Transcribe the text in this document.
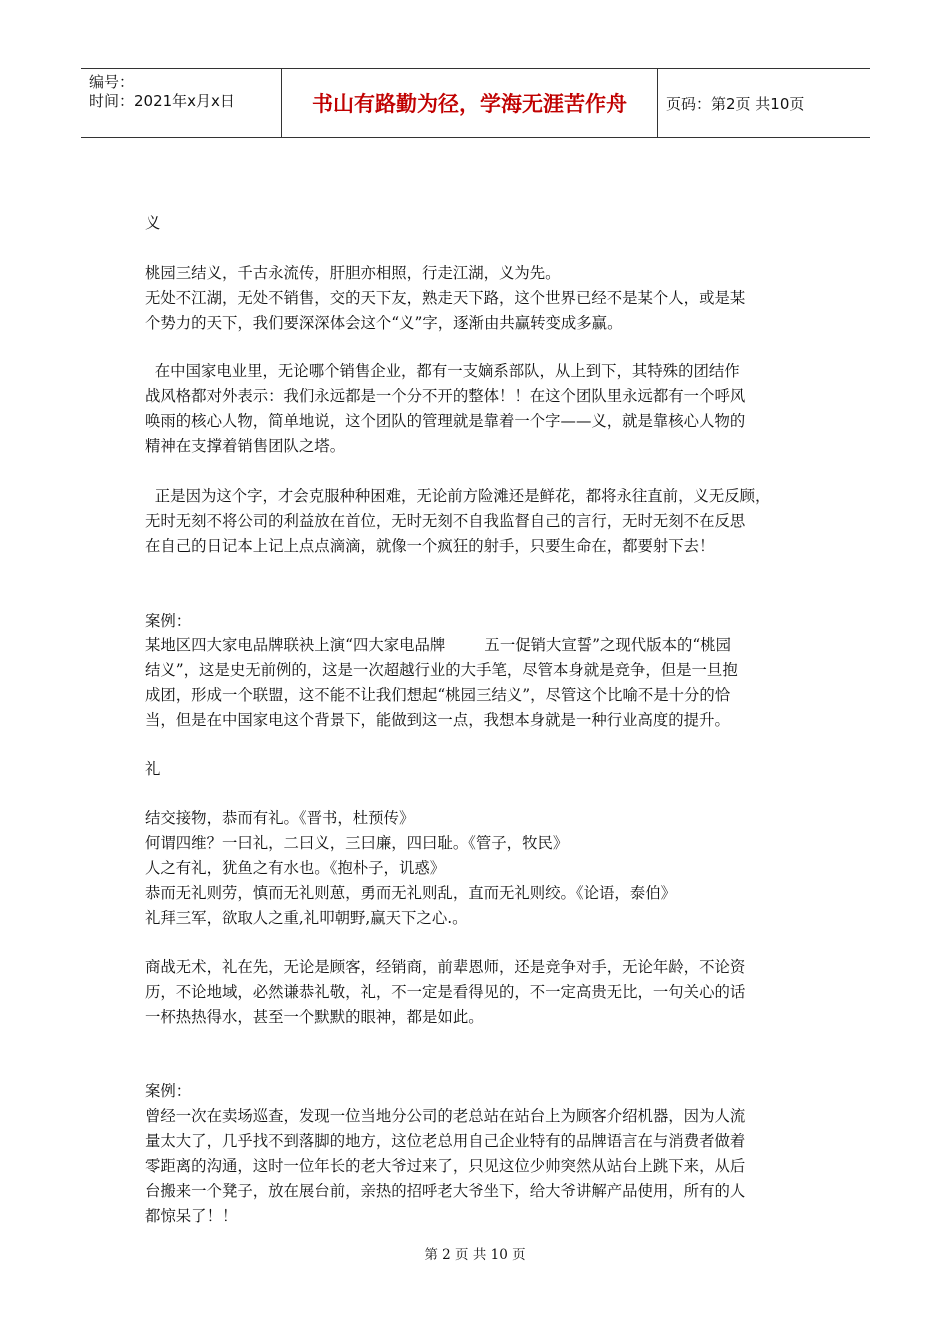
编号：
时间：2021年x月x日	书山有路勤为径，学海无涯苦作舟	页码：第2页 共10页
义
桃园三结义，千古永流传，肝胆亦相照，行走江湖，义为先。
无处不江湖，无处不销售，交的天下友，熟走天下路，这个世界已经不是某个人，或是某
个势力的天下，我们要深深体会这个“义”字，逐渐由共赢转变成多赢。
在中国家电业里，无论哪个销售企业，都有一支嫡系部队，从上到下，其特殊的团结作
战风格都对外表示：我们永远都是一个分不开的整体！！在这个团队里永远都有一个呼风
唤雨的核心人物，简单地说，这个团队的管理就是靠着一个字——义，就是靠核心人物的
精神在支撑着销售团队之塔。
正是因为这个字，才会克服种种困难，无论前方险滩还是鲜花，都将永往直前，义无反顾，
无时无刻不将公司的利益放在首位，无时无刻不自我监督自己的言行，无时无刻不在反思
在自己的日记本上记上点点滴滴，就像一个疯狂的射手，只要生命在，都要射下去！
案例：
某地区四大家电品牌联袂上演“四大家电品牌        五一促销大宣誓”之现代版本的“桃园
结义”，这是史无前例的，这是一次超越行业的大手笔，尽管本身就是竞争，但是一旦抱
成团，形成一个联盟，这不能不让我们想起“桃园三结义”，尽管这个比喻不是十分的恰
当，但是在中国家电这个背景下，能做到这一点，我想本身就是一种行业高度的提升。
礼
结交接物，恭而有礼。《晋书，杜预传》
何谓四维？一曰礼，二曰义，三曰廉，四曰耻。《管子，牧民》
人之有礼，犹鱼之有水也。《抱朴子，讥惑》
恭而无礼则劳，慎而无礼则葸，勇而无礼则乱，直而无礼则绞。《论语，泰伯》
礼拜三军，欲取人之重,礼叩朝野,赢天下之心.。
商战无术，礼在先，无论是顾客，经销商，前辈恩师，还是竞争对手，无论年龄，不论资
历，不论地域，必然谦恭礼敬，礼，不一定是看得见的，不一定高贵无比，一句关心的话
一杯热热得水，甚至一个默默的眼神，都是如此。
案例：
曾经一次在卖场巡查，发现一位当地分公司的老总站在站台上为顾客介绍机器，因为人流
量太大了，几乎找不到落脚的地方，这位老总用自己企业特有的品牌语言在与消费者做着
零距离的沟通，这时一位年长的老大爷过来了，只见这位少帅突然从站台上跳下来，从后
台搬来一个凳子，放在展台前，亲热的招呼老大爷坐下，给大爷讲解产品使用，所有的人
都惊呆了！！
第 2 页 共 10 页
